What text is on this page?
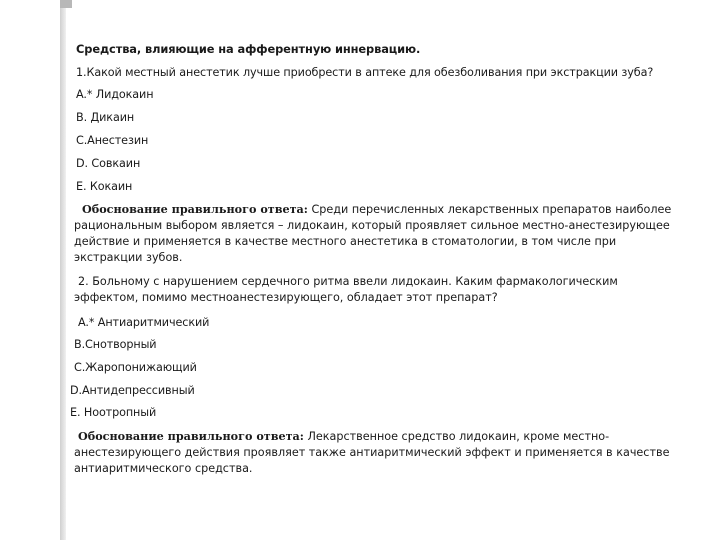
Средства, влияющие на афферентную иннервацию.
1.Какой местный анестетик лучше приобрести в аптеке для обезболивания при экстракции зуба?
A.* Лидокаин
B. Дикаин
C.Анестезин
D. Совкаин
E. Кокаин
Обоснование правильного ответа: Среди перечисленных лекарственных препаратов наиболее рациональным выбором является – лидокаин, который проявляет сильное местно-анестезирующее действие и применяется в качестве местного анестетика в стоматологии, в том числе при экстракции зубов.
2. Больному с нарушением сердечного ритма ввели лидокаин. Каким фармакологическим эффектом, помимо местноанестезирующего, обладает этот препарат?
A.* Антиаритмический
B.Снотворный
C.Жаропонижающий
D.Антидепрессивный
E. Ноотропный
Обоснование правильного ответа: Лекарственное средство лидокаин, кроме местно-анестезирующего действия проявляет также антиаритмический эффект и применяется в качестве антиаритмического средства.
